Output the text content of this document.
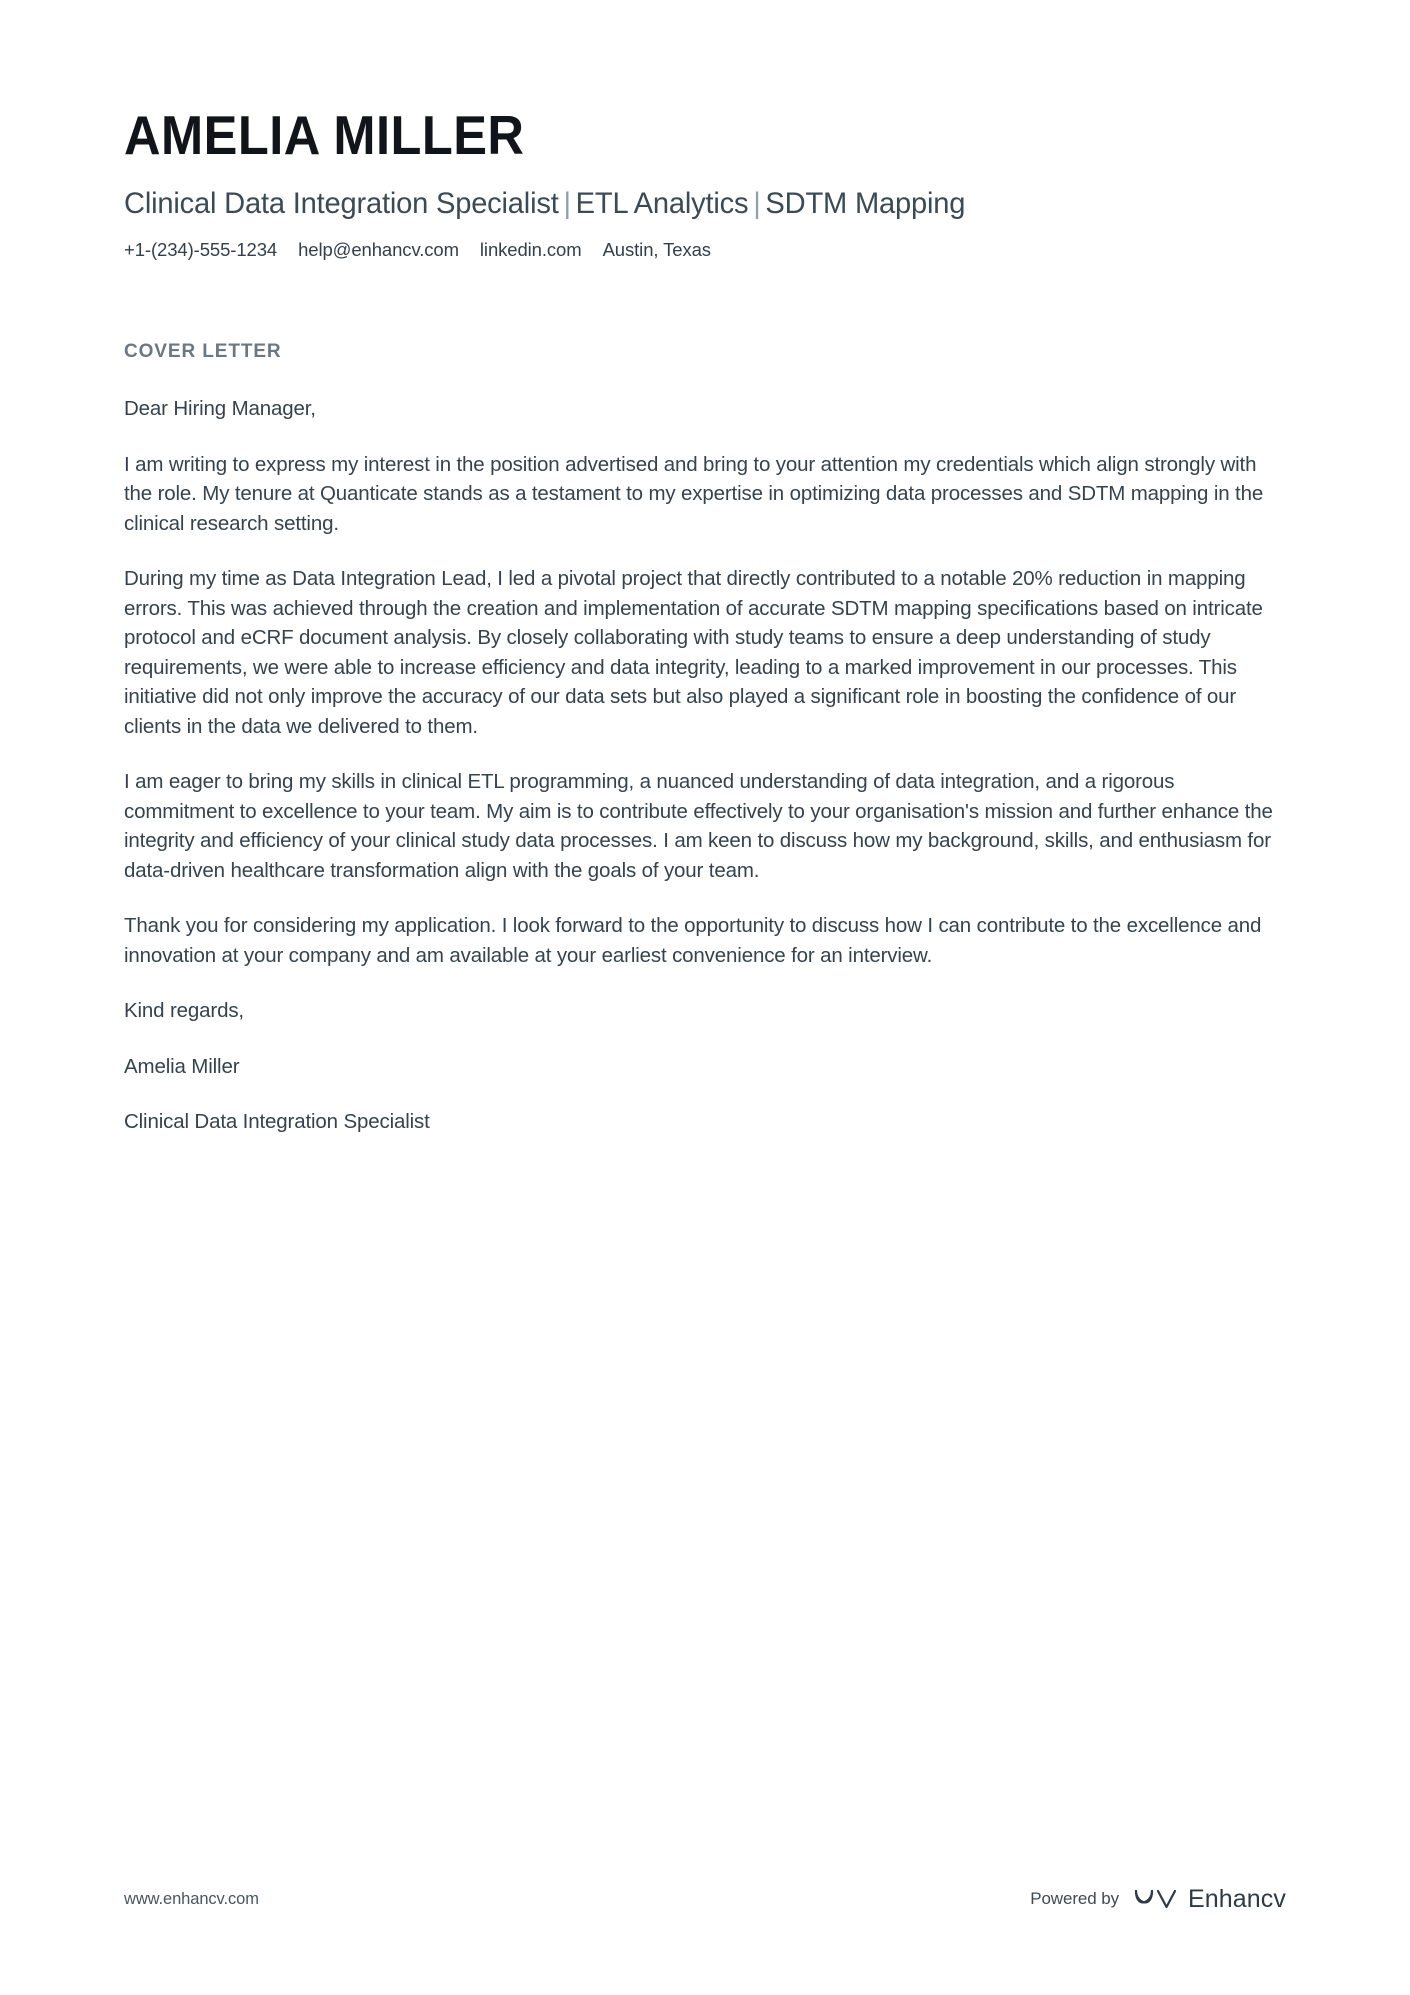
AMELIA MILLER
Clinical Data Integration Specialist | ETL Analytics | SDTM Mapping
+1-(234)-555-1234 help@enhancv.com linkedin.com Austin, Texas
COVER LETTER

Dear Hiring Manager,

I am writing to express my interest in the position advertised and bring to your attention my credentials which align strongly with the role. My tenure at Quanticate stands as a testament to my expertise in optimizing data processes and SDTM mapping in the clinical research setting.

During my time as Data Integration Lead, I led a pivotal project that directly contributed to a notable 20% reduction in mapping errors. This was achieved through the creation and implementation of accurate SDTM mapping specifications based on intricate protocol and eCRF document analysis. By closely collaborating with study teams to ensure a deep understanding of study requirements, we were able to increase efficiency and data integrity, leading to a marked improvement in our processes. This initiative did not only improve the accuracy of our data sets but also played a significant role in boosting the confidence of our clients in the data we delivered to them.

I am eager to bring my skills in clinical ETL programming, a nuanced understanding of data integration, and a rigorous commitment to excellence to your team. My aim is to contribute effectively to your organisation's mission and further enhance the integrity and efficiency of your clinical study data processes. I am keen to discuss how my background, skills, and enthusiasm for data-driven healthcare transformation align with the goals of your team.

Thank you for considering my application. I look forward to the opportunity to discuss how I can contribute to the excellence and innovation at your company and am available at your earliest convenience for an interview.

Kind regards,

Amelia Miller

Clinical Data Integration Specialist

www.enhancv.com	Powered by	Enhancv
